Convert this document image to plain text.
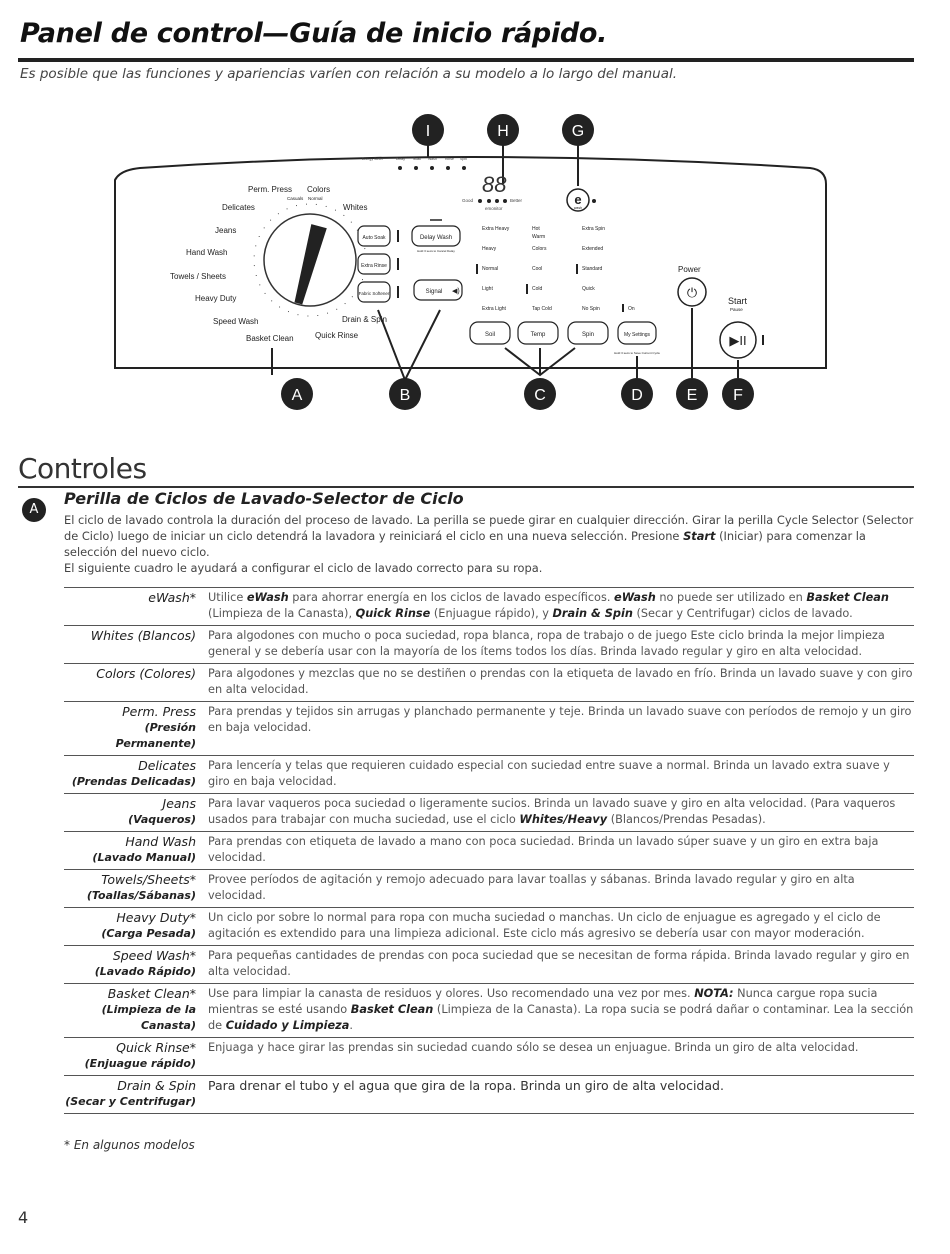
Panel de control—Guía de inicio rápido.
Es posible que las funciones y apariencias varíen con relación a su modelo a lo largo del manual.
I	H	G
Energy Saver	Delay Soak Wash Rinse Spin
88
Good	Better
emonitor
e
wash
Perm. Press Colors
Casuals Normal
Delicates	Whites
Jeans
Hand Wash
Towels / Sheets
Heavy Duty
Speed Wash	Drain & Spin
Basket Clean	Quick Rinse
Auto Soak
Extra Rinse
Fabric Softener
Delay Wash
Hold 3 secs to Cancel Delay
Signal ◀)
Extra Heavy
Heavy
Normal
Light
Extra Light
Hot
Warm
Colors
Cool
Cold
Tap Cold
Extra Spin
Extended
Standard
Quick
No Spin	On
Soil	Temp	Spin	My Settings
Hold 3 secs to Save Current Cycle
Power
⏻
Start
Pause
▶II
A	B	C	D	E F
Controles
A
Perilla de Ciclos de Lavado-Selector de Ciclo

El ciclo de lavado controla la duración del proceso de lavado. La perilla se puede girar en cualquier dirección. Girar la perilla Cycle Selector (Selector de Ciclo) luego de iniciar un ciclo detendrá la lavadora y reiniciará el ciclo en una nueva selección. Presione Start (Iniciar) para comenzar la selección del nuevo ciclo.

El siguiente cuadro le ayudará a configurar el ciclo de lavado correcto para su ropa.

eWash*	Utilice eWash para ahorrar energía en los ciclos de lavado específicos. eWash no puede ser utilizado en Basket Clean (Limpieza de la Canasta), Quick Rinse (Enjuague rápido), y Drain & Spin (Secar y Centrifugar) ciclos de lavado.
Whites (Blancos)	Para algodones con mucho o poca suciedad, ropa blanca, ropa de trabajo o de juego Este ciclo brinda la mejor limpieza general y se debería usar con la mayoría de los ítems todos los días. Brinda lavado regular y giro en alta velocidad.
Colors (Colores)	Para algodones y mezclas que no se destiñen o prendas con la etiqueta de lavado en frío. Brinda un lavado suave y con giro en alta velocidad.
Perm. Press
(Presión Permanente)	Para prendas y tejidos sin arrugas y planchado permanente y teje. Brinda un lavado suave con períodos de remojo y un giro en baja velocidad.
Delicates
(Prendas Delicadas)	Para lencería y telas que requieren cuidado especial con suciedad entre suave a normal. Brinda un lavado extra suave y giro en baja velocidad.
Jeans
(Vaqueros)	Para lavar vaqueros poca suciedad o ligeramente sucios. Brinda un lavado suave y giro en alta velocidad. (Para vaqueros usados para trabajar con mucha suciedad, use el ciclo Whites/Heavy (Blancos/Prendas Pesadas).
Hand Wash
(Lavado Manual)	Para prendas con etiqueta de lavado a mano con poca suciedad. Brinda un lavado súper suave y un giro en extra baja velocidad.
Towels/Sheets*
(Toallas/Sábanas)	Provee períodos de agitación y remojo adecuado para lavar toallas y sábanas. Brinda lavado regular y giro en alta velocidad.
Heavy Duty*
(Carga Pesada)	Un ciclo por sobre lo normal para ropa con mucha suciedad o manchas. Un ciclo de enjuague es agregado y el ciclo de agitación es extendido para una limpieza adicional. Este ciclo más agresivo se debería usar con mayor moderación.
Speed Wash*
(Lavado Rápido)	Para pequeñas cantidades de prendas con poca suciedad que se necesitan de forma rápida. Brinda lavado regular y giro en alta velocidad.
Basket Clean*
(Limpieza de la Canasta)	Use para limpiar la canasta de residuos y olores. Uso recomendado una vez por mes. NOTA: Nunca cargue ropa sucia mientras se esté usando Basket Clean (Limpieza de la Canasta). La ropa sucia se podrá dañar o contaminar. Lea la sección de Cuidado y Limpieza.
Quick Rinse*
(Enjuague rápido)	Enjuaga y hace girar las prendas sin suciedad cuando sólo se desea un enjuague. Brinda un giro de alta velocidad.
Drain & Spin
(Secar y Centrifugar)	Para drenar el tubo y el agua que gira de la ropa. Brinda un giro de alta velocidad.
* En algunos modelos
4
